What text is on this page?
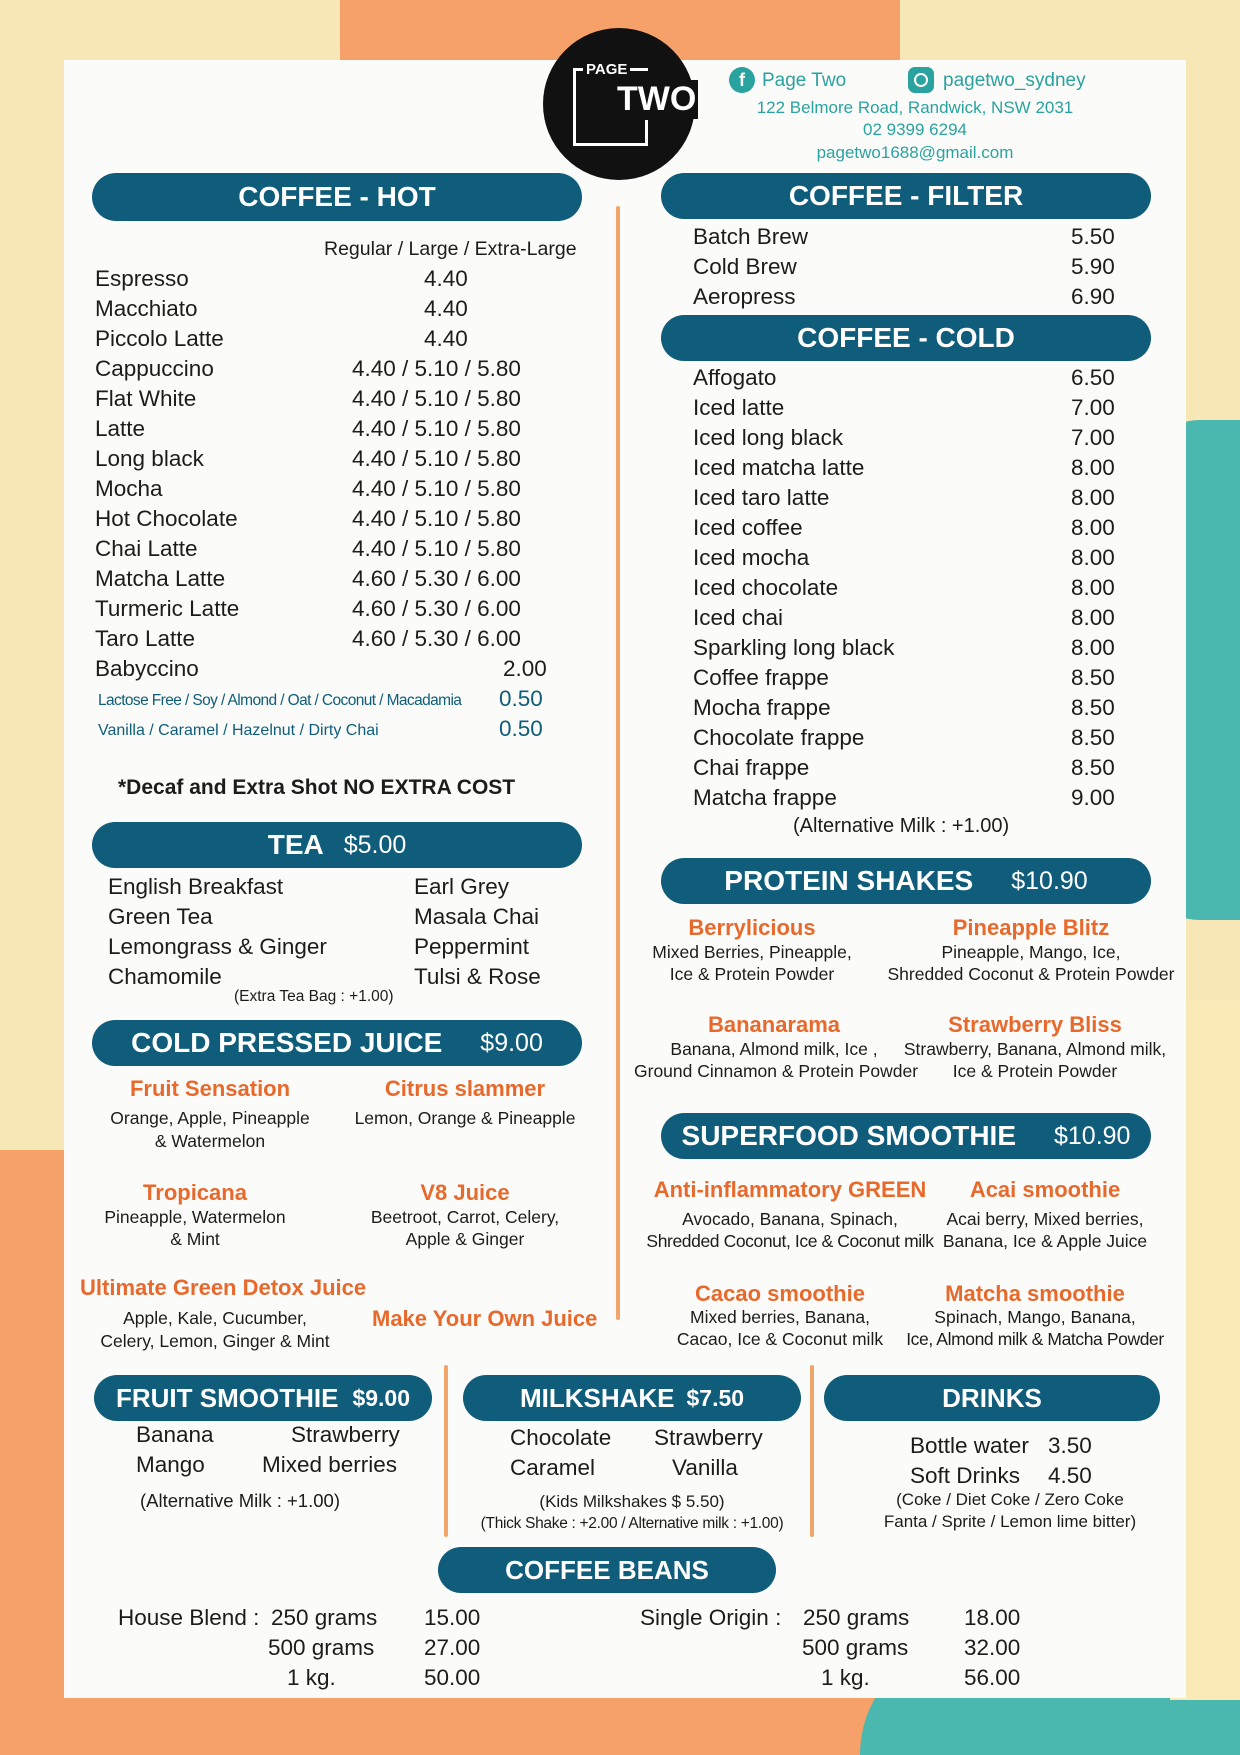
PAGE
TWO	f Page Two	pagetwo_sydney
122 Belmore Road, Randwick, NSW 2031
02 9399 6294
pagetwo1688@gmail.com
COFFEE - HOT
Regular / Large / Extra-Large
Espresso	4.40
Macchiato	4.40
Piccolo Latte	4.40
Cappuccino	4.40 / 5.10 / 5.80
Flat White	4.40 / 5.10 / 5.80
Latte	4.40 / 5.10 / 5.80
Long black	4.40 / 5.10 / 5.80
Mocha	4.40 / 5.10 / 5.80
Hot Chocolate	4.40 / 5.10 / 5.80
Chai Latte	4.40 / 5.10 / 5.80
Matcha Latte	4.60 / 5.30 / 6.00
Turmeric Latte	4.60 / 5.30 / 6.00
Taro Latte	4.60 / 5.30 / 6.00
Babyccino	2.00
Lactose Free / Soy / Almond / Oat / Coconut / Macadamia 0.50
Vanilla / Caramel / Hazelnut / Dirty Chai	0.50
*Decaf and Extra Shot NO EXTRA COST
TEA $5.00
English Breakfast
Green Tea
Lemongrass & Ginger
Chamomile
Earl Grey
Masala Chai
Peppermint
Tulsi & Rose
(Extra Tea Bag : +1.00)
COLD PRESSED JUICE $9.00
Fruit Sensation
Orange, Apple, Pineapple
& Watermelon
Citrus slammer
Lemon, Orange & Pineapple
Tropicana
Pineapple, Watermelon
& Mint
V8 Juice
Beetroot, Carrot, Celery,
Apple & Ginger
Ultimate Green Detox Juice
Apple, Kale, Cucumber,
Celery, Lemon, Ginger & Mint
Make Your Own Juice
COFFEE - FILTER
Batch Brew	5.50
Cold Brew	5.90
Aeropress	6.90
COFFEE - COLD
Affogato	6.50
Iced latte	7.00
Iced long black	7.00
Iced matcha latte	8.00
Iced taro latte	8.00
Iced coffee	8.00
Iced mocha	8.00
Iced chocolate	8.00
Iced chai	8.00
Sparkling long black	8.00
Coffee frappe	8.50
Mocha frappe	8.50
Chocolate frappe	8.50
Chai frappe	8.50
Matcha frappe	9.00
(Alternative Milk : +1.00)
PROTEIN SHAKES $10.90
Berrylicious
Mixed Berries, Pineapple,
Ice & Protein Powder
Pineapple Blitz
Pineapple, Mango, Ice,
Shredded Coconut & Protein Powder
Bananarama
Banana, Almond milk, Ice ,
Ground Cinnamon & Protein Powder
Strawberry Bliss
Strawberry, Banana, Almond milk,
Ice & Protein Powder
SUPERFOOD SMOOTHIE $10.90
Anti-inflammatory GREEN
Avocado, Banana, Spinach,
Shredded Coconut, Ice & Coconut milk
Acai smoothie
Acai berry, Mixed berries,
Banana, Ice & Apple Juice
Cacao smoothie
Mixed berries, Banana,
Cacao, Ice & Coconut milk
Matcha smoothie
Spinach, Mango, Banana,
Ice, Almond milk & Matcha Powder
FRUIT SMOOTHIE $9.00
Banana	Strawberry
Mango	Mixed berries
(Alternative Milk : +1.00)
MILKSHAKE $7.50
Chocolate Strawberry
Caramel	Vanilla
(Kids Milkshakes $ 5.50)
(Thick Shake : +2.00 / Alternative milk : +1.00)
DRINKS
Bottle water 3.50
Soft Drinks 4.50
(Coke / Diet Coke / Zero Coke
Fanta / Sprite / Lemon lime bitter)
COFFEE BEANS
House Blend : 250 grams 15.00
500 grams 27.00
1 kg.	50.00
Single Origin : 250 grams 18.00
500 grams 32.00
1 kg.	56.00
